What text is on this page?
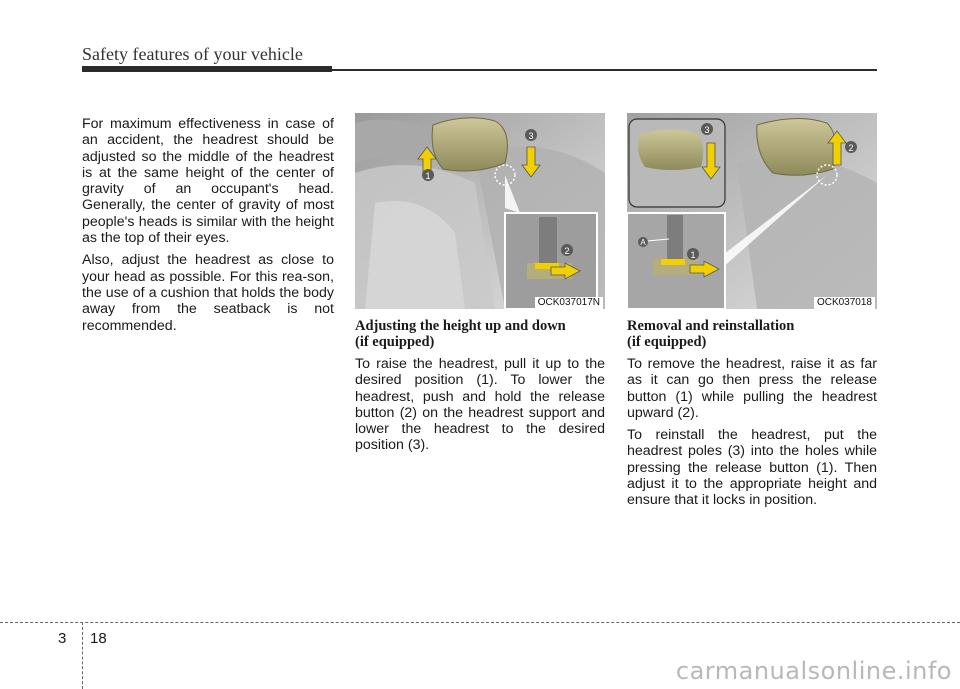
Safety features of your vehicle

For maximum effectiveness in case of an accident, the headrest should be adjusted so the middle of the headrest is at the same height of the center of gravity of an occupant's head. Generally, the center of gravity of most people's heads is similar with the height as the top of their eyes.

Also, adjust the headrest as close to your head as possible. For this rea-son, the use of a cushion that holds the body away from the seatback is not recommended.

1
2
3
OCK037017N
1
2
3
A
OCK037018
Adjusting the height up and down
(if equipped)

To raise the headrest, pull it up to the desired position (1). To lower the headrest, push and hold the release button (2) on the headrest support and lower the headrest to the desired position (3).

Removal and reinstallation
(if equipped)

To remove the headrest, raise it as far as it can go then press the release button (1) while pulling the headrest upward (2).

To reinstall the headrest, put the headrest poles (3) into the holes while pressing the release button (1). Then adjust it to the appropriate height and ensure that it locks in position.

3 18
carmanualsonline.info
